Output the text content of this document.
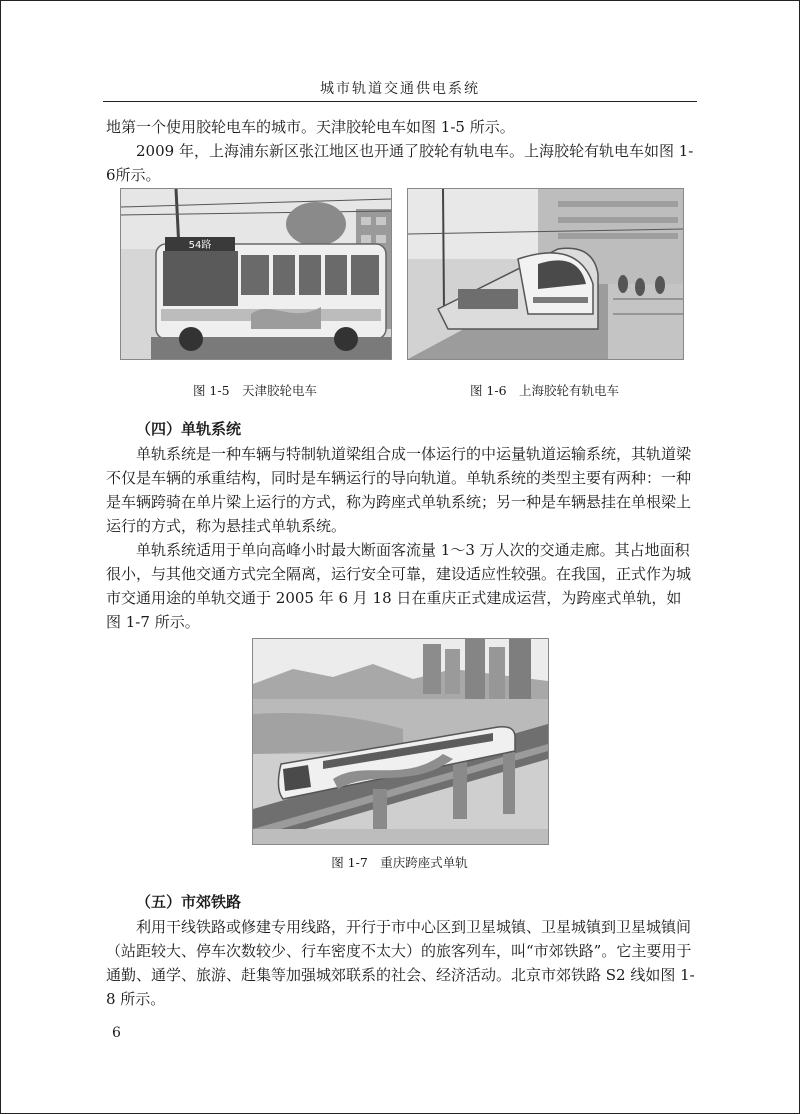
城市轨道交通供电系统

地第一个使用胶轮电车的城市。天津胶轮电车如图 1-5 所示。

2009 年，上海浦东新区张江地区也开通了胶轮有轨电车。上海胶轮有轨电车如图 1-6所示。

54路
图 1-5　天津胶轮电车	图 1-6　上海胶轮有轨电车

（四）单轨系统

单轨系统是一种车辆与特制轨道梁组合成一体运行的中运量轨道运输系统，其轨道梁不仅是车辆的承重结构，同时是车辆运行的导向轨道。单轨系统的类型主要有两种：一种是车辆跨骑在单片梁上运行的方式，称为跨座式单轨系统；另一种是车辆悬挂在单根梁上运行的方式，称为悬挂式单轨系统。

单轨系统适用于单向高峰小时最大断面客流量 1～3 万人次的交通走廊。其占地面积很小，与其他交通方式完全隔离，运行安全可靠，建设适应性较强。在我国，正式作为城市交通用途的单轨交通于 2005 年 6 月 18 日在重庆正式建成运营，为跨座式单轨，如图 1-7 所示。

图 1-7　重庆跨座式单轨

（五）市郊铁路

利用干线铁路或修建专用线路，开行于市中心区到卫星城镇、卫星城镇到卫星城镇间（站距较大、停车次数较少、行车密度不太大）的旅客列车，叫“市郊铁路”。它主要用于通勤、通学、旅游、赶集等加强城郊联系的社会、经济活动。北京市郊铁路 S2 线如图 1-8 所示。

6
